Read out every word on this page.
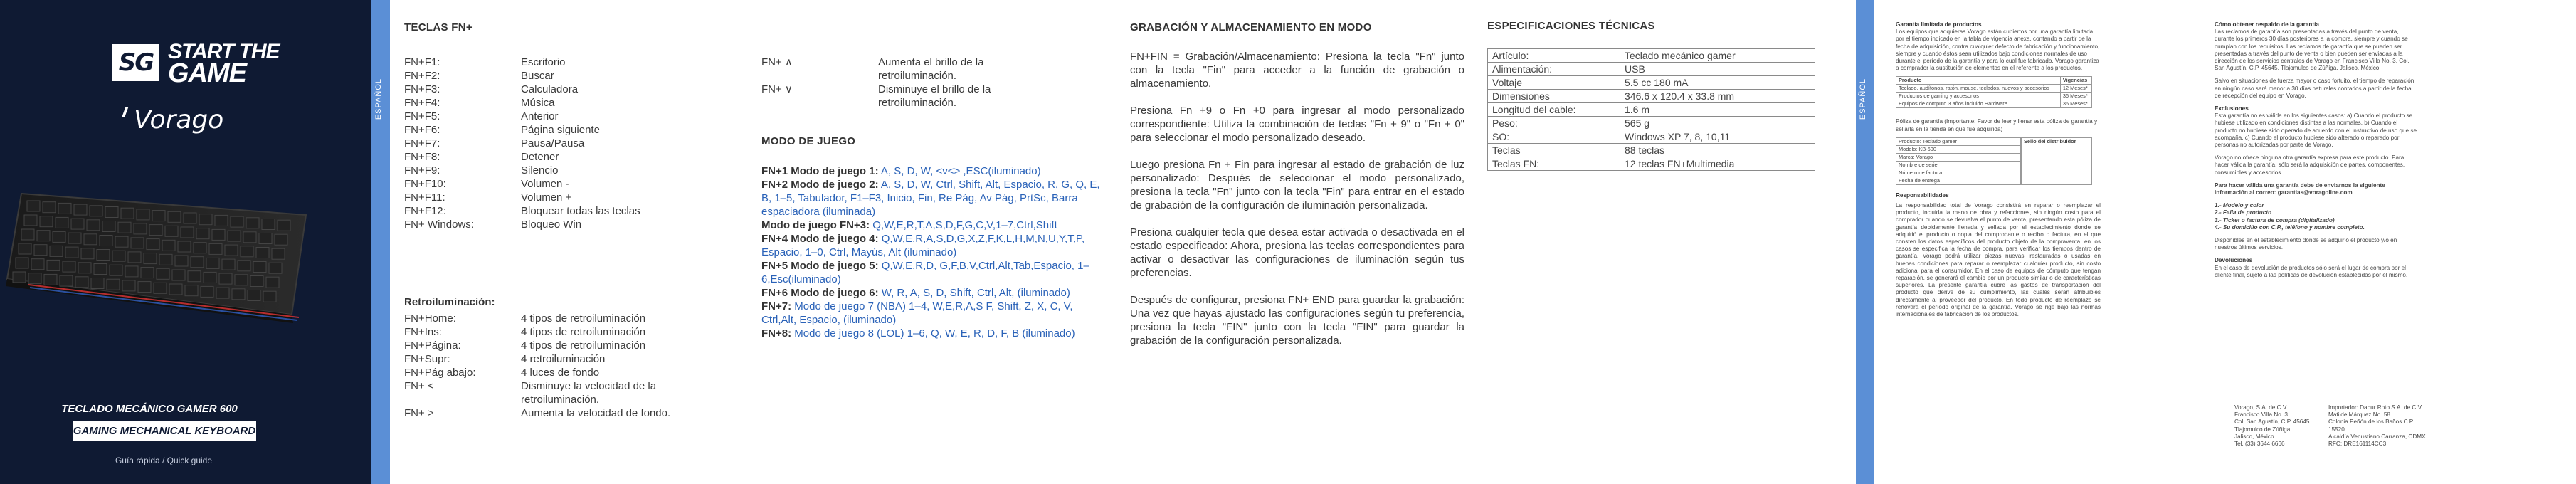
SG START THE
GAME
Vorago
TECLADO MECÁNICO GAMER 600
GAMING MECHANICAL KEYBOARD
Guía rápida / Quick guide
ESPAÑOL
TECLAS FN+
FN+F1:	Escritorio
FN+F2:	Buscar
FN+F3:	Calculadora
FN+F4:	Música
FN+F5:	Anterior
FN+F6:	Página siguiente
FN+F7:	Pausa/Pausa
FN+F8:	Detener
FN+F9:	Silencio
FN+F10:	Volumen -
FN+F11:	Volumen +
FN+F12:	Bloquear todas las teclas
FN+ Windows:	Bloqueo Win
FN+ ∧	Aumenta el brillo de la retroiluminación.
FN+ ∨	Disminuye el brillo de la retroiluminación.
Retroiluminación:
FN+Home:	4 tipos de retroiluminación
FN+Ins:	4 tipos de retroiluminación
FN+Página:	4 tipos de retroiluminación
FN+Supr:	4 retroiluminación
FN+Pág abajo:	4 luces de fondo
FN+ <	Disminuye la velocidad de la retroiluminación.
FN+ >	Aumenta la velocidad de fondo.
MODO DE JUEGO
FN+1 Modo de juego 1: A, S, D, W, <v<> ,ESC(iluminado)
FN+2 Modo de juego 2: A, S, D, W, Ctrl, Shift, Alt, Espacio, R, G, Q, E, B, 1–5, Tabulador, F1–F3, Inicio, Fin, Re Pág, Av Pág, PrtSc, Barra espaciadora (iluminada)
Modo de juego FN+3: Q,W,E,R,T,A,S,D,F,G,C,V,1–7,Ctrl,Shift
FN+4 Modo de juego 4: Q,W,E,R,A,S,D,G,X,Z,F,K,L,H,M,N,U,Y,T,P, Espacio, 1–0, Ctrl, Mayús, Alt (iluminado)
FN+5 Modo de juego 5: Q,W,E,R,D, G,F,B,V,Ctrl,Alt,Tab,Espacio, 1–6,Esc(iluminado)
FN+6 Modo de juego 6: W, R, A, S, D, Shift, Ctrl, Alt, (iluminado)
FN+7: Modo de juego 7 (NBA) 1–4, W,E,R,A,S F, Shift, Z, X, C, V, Ctrl,Alt, Espacio, (iluminado)
FN+8: Modo de juego 8 (LOL) 1–6, Q, W, E, R, D, F, B (iluminado)
GRABACIÓN Y ALMACENAMIENTO EN MODO
FN+FIN = Grabación/Almacenamiento: Presiona la tecla "Fn" junto con la tecla "Fin" para acceder a la función de grabación o almacenamiento.
Presiona Fn +9 o Fn +0 para ingresar al modo personalizado correspondiente: Utiliza la combinación de teclas "Fn + 9" o "Fn + 0" para seleccionar el modo personalizado deseado.
Luego presiona Fn + Fin para ingresar al estado de grabación de luz personalizado: Después de seleccionar el modo personalizado, presiona la tecla "Fn" junto con la tecla "Fin" para entrar en el estado de grabación de la configuración de iluminación personalizada.
Presiona cualquier tecla que desea estar activada o desactivada en el estado especificado: Ahora, presiona las teclas correspondientes para activar o desactivar las configuraciones de iluminación según tus preferencias.
Después de configurar, presiona FN+ END para guardar la grabación: Una vez que hayas ajustado las configuraciones según tu preferencia, presiona la tecla "FIN" junto con la tecla "FIN" para guardar la grabación de la configuración personalizada.
ESPECIFICACIONES TÉCNICAS
Artículo:	Teclado mecánico gamer
Alimentación:	USB
Voltaje	5.5 cc 180 mA
Dimensiones	346.6 x 120.4 x 33.8 mm
Longitud del cable:	1.6 m
Peso:	565 g
SO:	Windows XP 7, 8, 10,11
Teclas	88 teclas
Teclas FN:	12 teclas FN+Multimedia
ESPAÑOL
Garantía limitada de productos
Los equipos que adquieras Vorago están cubiertos por una garantía limitada por el tiempo indicado en la tabla de vigencia anexa, contando a partir de la fecha de adquisición, contra cualquier defecto de fabricación y funcionamiento, siempre y cuando éstos sean utilizados bajo condiciones normales de uso durante el período de la garantía y para lo cual fue fabricado. Vorago garantiza a comprador la sustitución de elementos en el referente a los productos.
Producto	Vigencias
Teclado, audífonos, ratón, mouse, teclados, nuevos y accesorios	12 Meses*
Productos de gaming y accesorios	36 Meses*
Equipos de cómputo 3 años incluido Hardware	36 Meses*
Póliza de garantía (Importante: Favor de leer y llenar esta póliza de garantía y sellarla en la tienda en que fue adquirida)
Producto: Teclado gamer
Modelo: KB-600
Marca: Vorago
Nombre de serie
Número de factura
Fecha de entrega
Sello del distribuidor
Responsabilidades
La responsabilidad total de Vorago consistirá en reparar o reemplazar el producto, incluida la mano de obra y refacciones, sin ningún costo para el comprador cuando se devuelva el punto de venta, presentando esta póliza de garantía debidamente llenada y sellada por el establecimiento donde se adquirió el producto o copia del comprobante o recibo o factura, en el que consten los datos específicos del producto objeto de la compraventa, en los casos se especifica la fecha de compra, para verificar los tiempos dentro de garantía. Vorago podrá utilizar piezas nuevas, restauradas o usadas en buenas condiciones para reparar o reemplazar cualquier producto, sin costo adicional para el consumidor. En el caso de equipos de cómputo que tengan reparación, se generará el cambio por un producto similar o de características superiores. La presente garantía cubre las gastos de transportación del producto que derive de su cumplimiento, las cuales serán atribuibles directamente al proveedor del producto. En todo producto de reemplazo se renovará el período original de la garantía. Vorago se rige bajo las normas internacionales de fabricación de los productos.
Cómo obtener respaldo de la garantía
Las reclamos de garantía son presentadas a través del punto de venta, durante los primeros 30 días posteriores a la compra, siempre y cuando se cumplan con los requisitos. Las reclamos de garantía que se pueden ser presentadas a través del punto de venta o bien pueden ser enviadas a la dirección de los servicios centrales de Vorago en Francisco Villa No. 3, Col. San Agustín, C.P. 45645, Tlajomulco de Zúñiga, Jalisco, México.
Salvo en situaciones de fuerza mayor o caso fortuito, el tiempo de reparación en ningún caso será menor a 30 días naturales contados a partir de la fecha de recepción del equipo en Vorago.
Exclusiones
Esta garantía no es válida en los siguientes casos: a) Cuando el producto se hubiese utilizado en condiciones distintas a las normales. b) Cuando el producto no hubiese sido operado de acuerdo con el instructivo de uso que se acompaña. c) Cuando el producto hubiese sido alterado o reparado por personas no autorizadas por parte de Vorago.
Vorago no ofrece ninguna otra garantía expresa para este producto. Para hacer válida la garantía, sólo será la adquisición de partes, componentes, consumibles y accesorios.
Para hacer válida una garantía debe de enviarnos la siguiente información al correo: garantias@voragoline.com
1.- Modelo y color
2.- Falla de producto
3.- Ticket o factura de compra (digitalizado)
4.- Su domicilio con C.P., teléfono y nombre completo.
Disponibles en el establecimiento donde se adquirió el producto y/o en nuestros últimos servicios.
Devoluciones
En el caso de devolución de productos sólo será el lugar de compra por el cliente final, sujeto a las políticas de devolución establecidas por el mismo.
Vorago, S.A. de C.V.
Francisco Villa No. 3
Col. San Agustín, C.P. 45645
Tlajomulco de Zúñiga,
Jalisco, México.
Tel. (33) 3644 6666
Importador: Dabur Roto S.A. de C.V.
Matilde Márquez No. 58
Colonia Peñón de los Baños C.P. 15520
Alcaldía Venustiano Carranza, CDMX
RFC: DRE161114CC3
